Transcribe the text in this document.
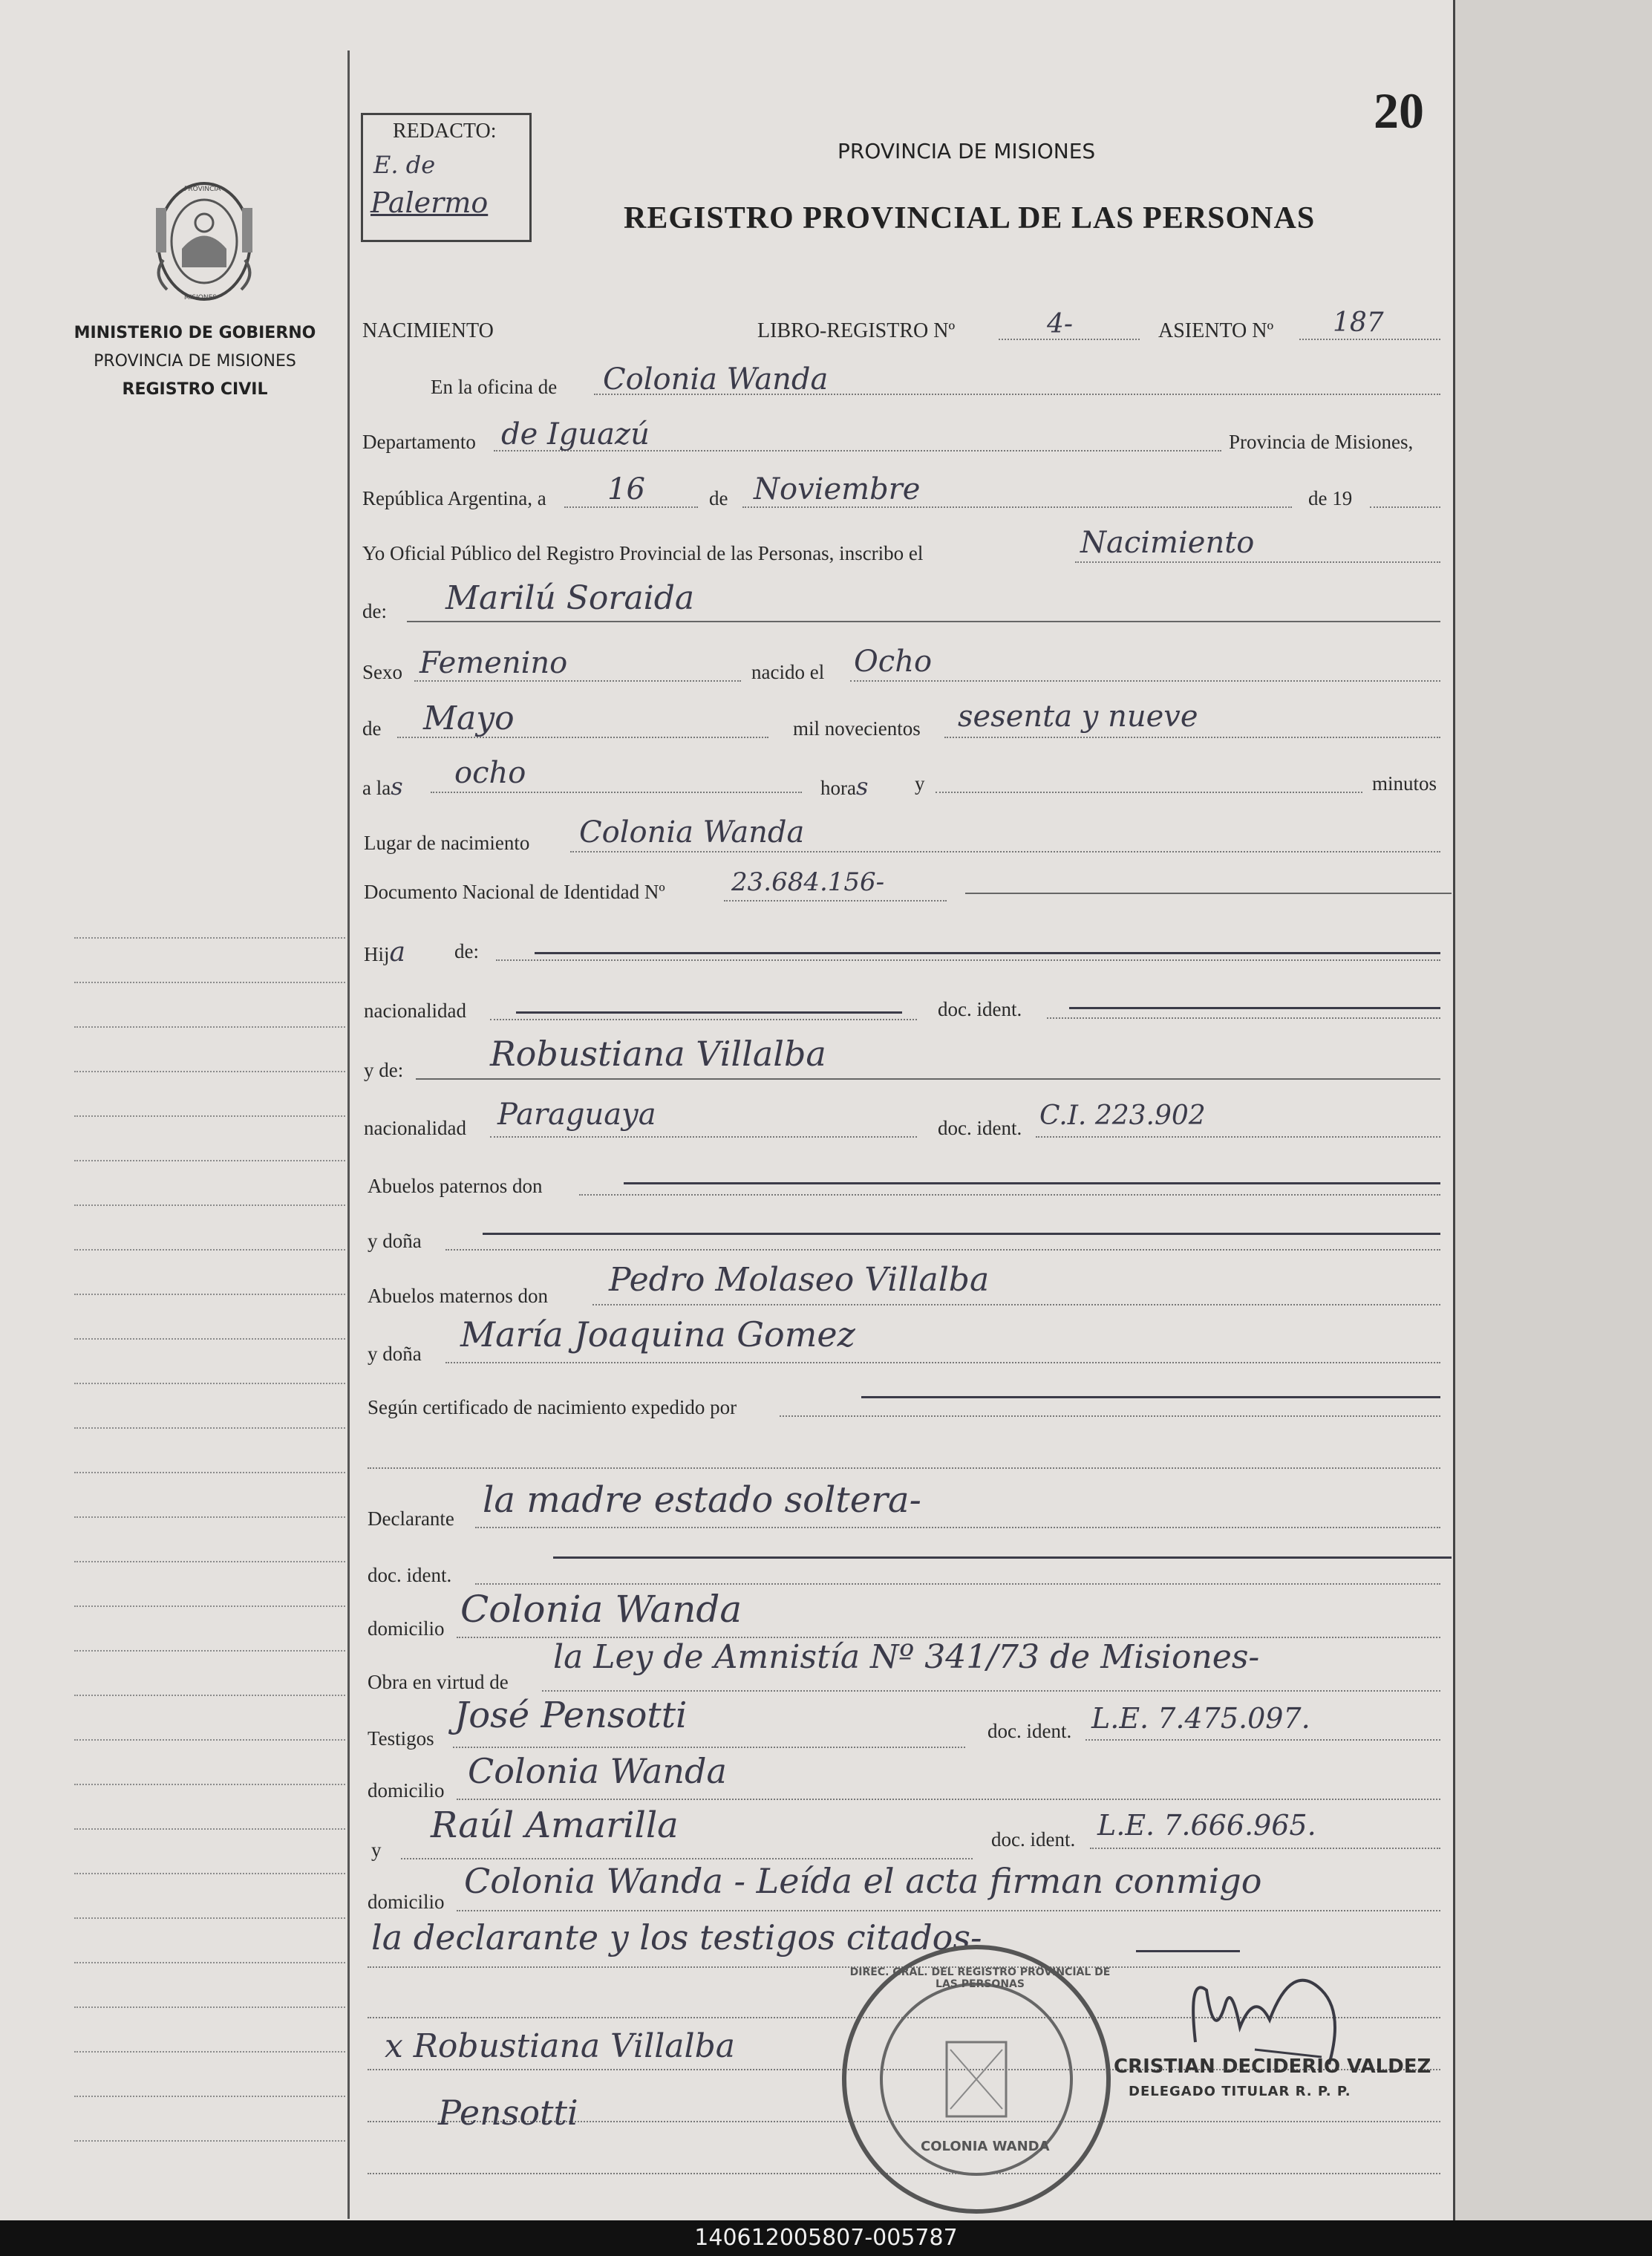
20
REDACTO:
E. de
Palermo
PROVINCIA DE MISIONES
REGISTRO PROVINCIAL DE LAS PERSONAS
PROVINCIA
MISIONES
MINISTERIO DE GOBIERNO
PROVINCIA DE MISIONES
REGISTRO CIVIL
NACIMIENTO	LIBRO-REGISTRO Nº	4-	ASIENTO Nº 187
En la oficina de Colonia Wanda
Departamento de Iguazú	Provincia de Misiones,
República Argentina, a 16	de Noviembre	de 19
Yo Oficial Público del Registro Provincial de las Personas, inscribo el	Nacimiento
de: Marilú Soraida
Sexo Femenino	nacido el Ocho
de Mayo	mil novecientos sesenta y nueve
a las ocho	horas y	minutos
Lugar de nacimiento Colonia Wanda
Documento Nacional de Identidad Nº	23.684.156-
Hija de:
nacionalidad	doc. ident.
y de:	Robustiana Villalba
nacionalidad Paraguaya	doc. ident. C.I. 223.902
Abuelos paternos don
y doña
Abuelos maternos don Pedro Molaseo Villalba
y doña María Joaquina Gomez
Según certificado de nacimiento expedido por
Declarante la madre estado soltera-
doc. ident.
domicilio Colonia Wanda
Obra en virtud de
la Ley de Amnistía Nº 341/73 de Misiones-
Testigos
José Pensotti	doc. ident. L.E. 7.475.097.
domicilio Colonia Wanda
y
Raúl Amarilla	doc. ident. L.E. 7.666.965.
domicilio
Colonia Wanda - Leída el acta firman conmigo
la declarante y los testigos citados-
DIREC. GRAL. DEL REGISTRO PROVINCIAL DE LAS PERSONAS
COLONIA WANDA
x Robustiana Villalba
Pensotti
CRISTIAN DECIDERIO VALDEZ
DELEGADO TITULAR R. P. P.
140612005807-005787
